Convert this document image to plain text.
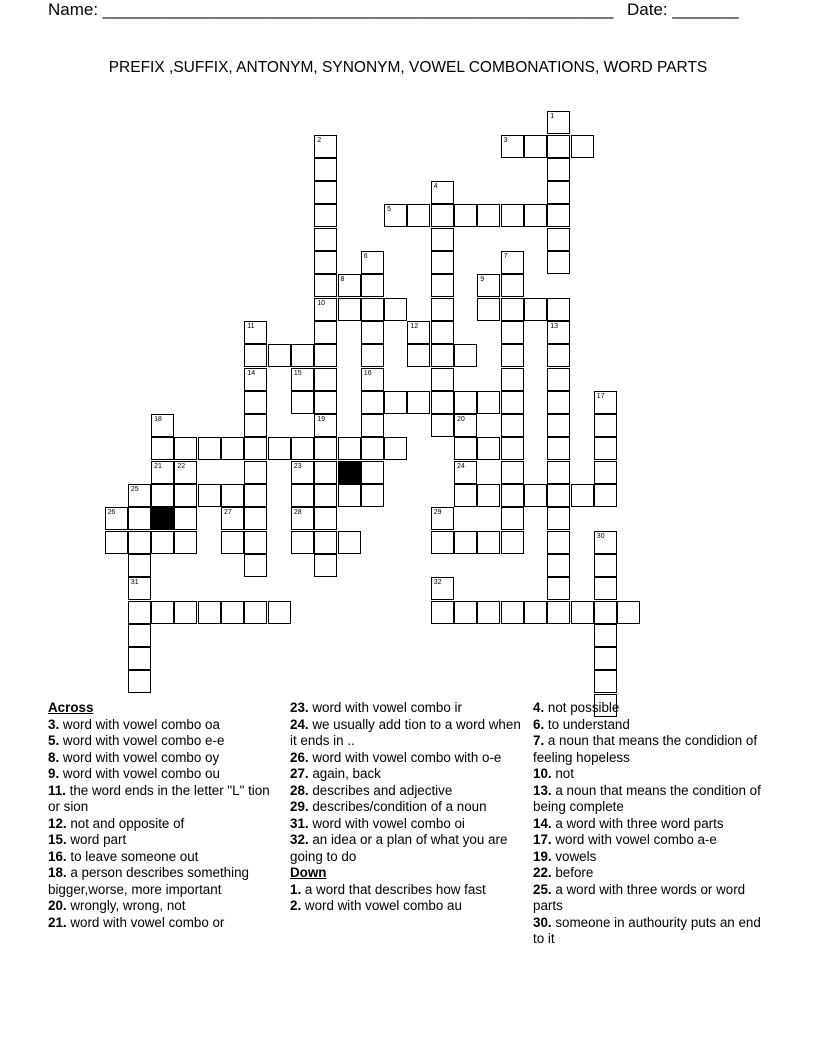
Name: ______________________________________________________ Date: _______
PREFIX ,SUFFIX, ANTONYM, SYNONYM, VOWEL COMBONATIONS, WORD PARTS
1
3
2
4
5
6	7
16
31
8	9
10
11	12	13
14	15
17
18	19	20
21 22	23	24
25
26	27	28	29
30
32
Across
3. word with vowel combo oa
5. word with vowel combo e-e
8. word with vowel combo oy
9. word with vowel combo ou
11. the word ends in the letter "L" tion or sion
12. not and opposite of
15. word part
16. to leave someone out
18. a person describes something bigger,worse, more important
20. wrongly, wrong, not
21. word with vowel combo or
23. word with vowel combo ir
24. we usually add tion to a word when it ends in ..
26. word with vowel combo with o-e
27. again, back
28. describes and adjective
29. describes/condition of a noun
31. word with vowel combo oi
32. an idea or a plan of what you are going to do
Down
1. a word that describes how fast
2. word with vowel combo au
4. not possible
6. to understand
7. a noun that means the condidion of feeling hopeless
10. not
13. a noun that means the condition of being complete
14. a word with three word parts
17. word with vowel combo a-e
19. vowels
22. before
25. a word with three words or word parts
30. someone in authourity puts an end to it
